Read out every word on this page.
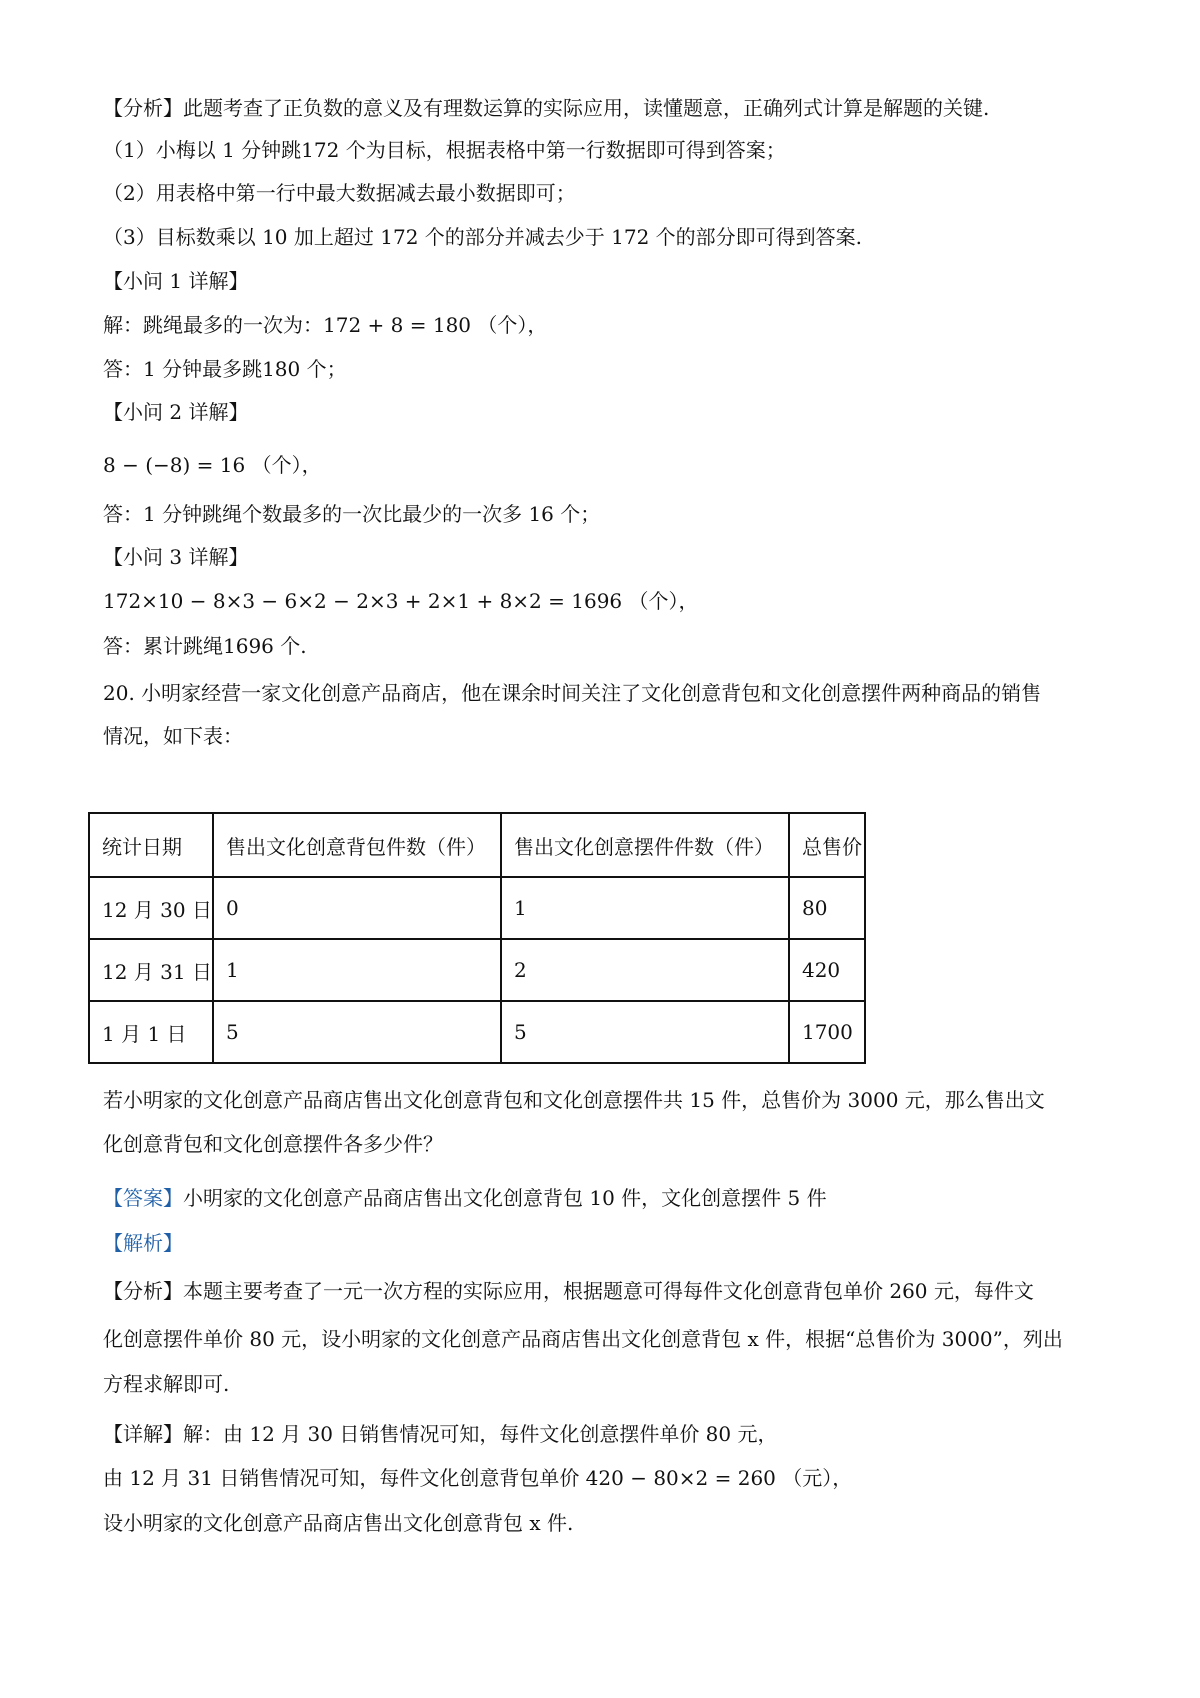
【分析】此题考查了正负数的意义及有理数运算的实际应用，读懂题意，正确列式计算是解题的关键.
（1）小梅以 1 分钟跳172 个为目标，根据表格中第一行数据即可得到答案；
（2）用表格中第一行中最大数据减去最小数据即可；
（3）目标数乘以 10 加上超过 172 个的部分并减去少于 172 个的部分即可得到答案.
【小问 1 详解】
解：跳绳最多的一次为：172 + 8 = 180 （个），
答：1 分钟最多跳180 个；
【小问 2 详解】
8 − (−8) = 16 （个），
答：1 分钟跳绳个数最多的一次比最少的一次多 16 个；
【小问 3 详解】
172×10 − 8×3 − 6×2 − 2×3 + 2×1 + 8×2 = 1696 （个），
答：累计跳绳1696 个.
20. 小明家经营一家文化创意产品商店，他在课余时间关注了文化创意背包和文化创意摆件两种商品的销售
情况，如下表：
统计日期	售出文化创意背包件数（件）	售出文化创意摆件件数（件）	总售价
12 月 30 日	0	1	80
12 月 31 日	1	2	420
1 月 1 日	5	5	1700
若小明家的文化创意产品商店售出文化创意背包和文化创意摆件共 15 件，总售价为 3000 元，那么售出文
化创意背包和文化创意摆件各多少件？
【答案】小明家的文化创意产品商店售出文化创意背包 10 件，文化创意摆件 5 件
【解析】
【分析】本题主要考查了一元一次方程的实际应用，根据题意可得每件文化创意背包单价 260 元，每件文
化创意摆件单价 80 元，设小明家的文化创意产品商店售出文化创意背包 x 件，根据“总售价为 3000”，列出
方程求解即可.
【详解】解：由 12 月 30 日销售情况可知，每件文化创意摆件单价 80 元，
由 12 月 31 日销售情况可知，每件文化创意背包单价 420 − 80×2 = 260 （元），
设小明家的文化创意产品商店售出文化创意背包 x 件.
